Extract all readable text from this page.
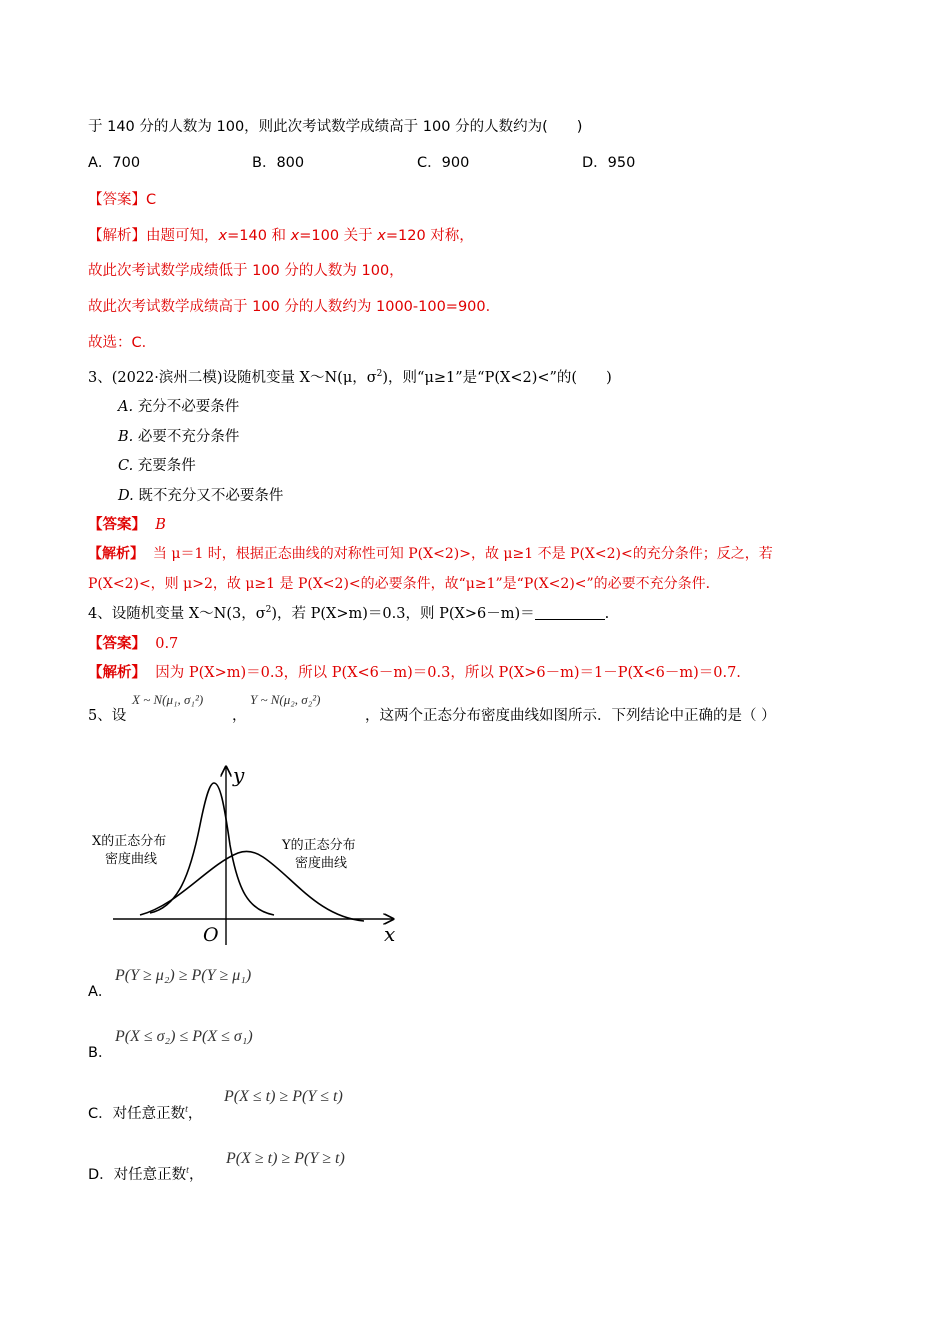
于 140 分的人数为 100，则此次考试数学成绩高于 100 分的人数约为(　　)
A．700	B．800	C．900	D．950
【答案】C
【解析】由题可知，x=140 和 x=100 关于 x=120 对称，
故此次考试数学成绩低于 100 分的人数为 100，
故此次考试数学成绩高于 100 分的人数约为 1000-100=900．
故选：C．
3、(2022·滨州二模)设随机变量 X～N(μ，$\sigma^2$)，则“μ≥1”是“P(X<2)<”的(　　)
A. 充分不必要条件
B. 必要不充分条件
C. 充要条件
D. 既不充分又不必要条件
【答案】 B
【解析】 当 μ＝1 时，根据正态曲线的对称性可知 P(X<2)>，故 μ≥1 不是 P(X<2)<的充分条件；反之，若
P(X<2)<，则 μ>2，故 μ≥1 是 P(X<2)<的必要条件，故“μ≥1”是“P(X<2)<”的必要不充分条件．
4、设随机变量 X～N(3，$\sigma^2$)，若 P(X>m)＝0.3，则 P(X>6－m)＝	.
【答案】 0.7
【解析】 因为 P(X>m)＝0.3，所以 P(X<6－m)＝0.3，所以 P(X>6－m)＝1－P(X<6－m)＝0.7.
5、设
X ~ N(μ₁, σ₁²)
，
Y ~ N(μ₂, σ₂²)
，这两个正态分布密度曲线如图所示．下列结论中正确的是（ ）
y
x
O
X的正态分布
密度曲线
Y的正态分布
密度曲线
P(Y ≥ μ₂) ≥ P(Y ≥ μ₁)
A．
P(X ≤ σ₂) ≤ P(X ≤ σ₁)
B．
C．对任意正数$^t$，
P(X ≤ t) ≥ P(Y ≤ t)
D．对任意正数$^t$，
P(X ≥ t) ≥ P(Y ≥ t)
